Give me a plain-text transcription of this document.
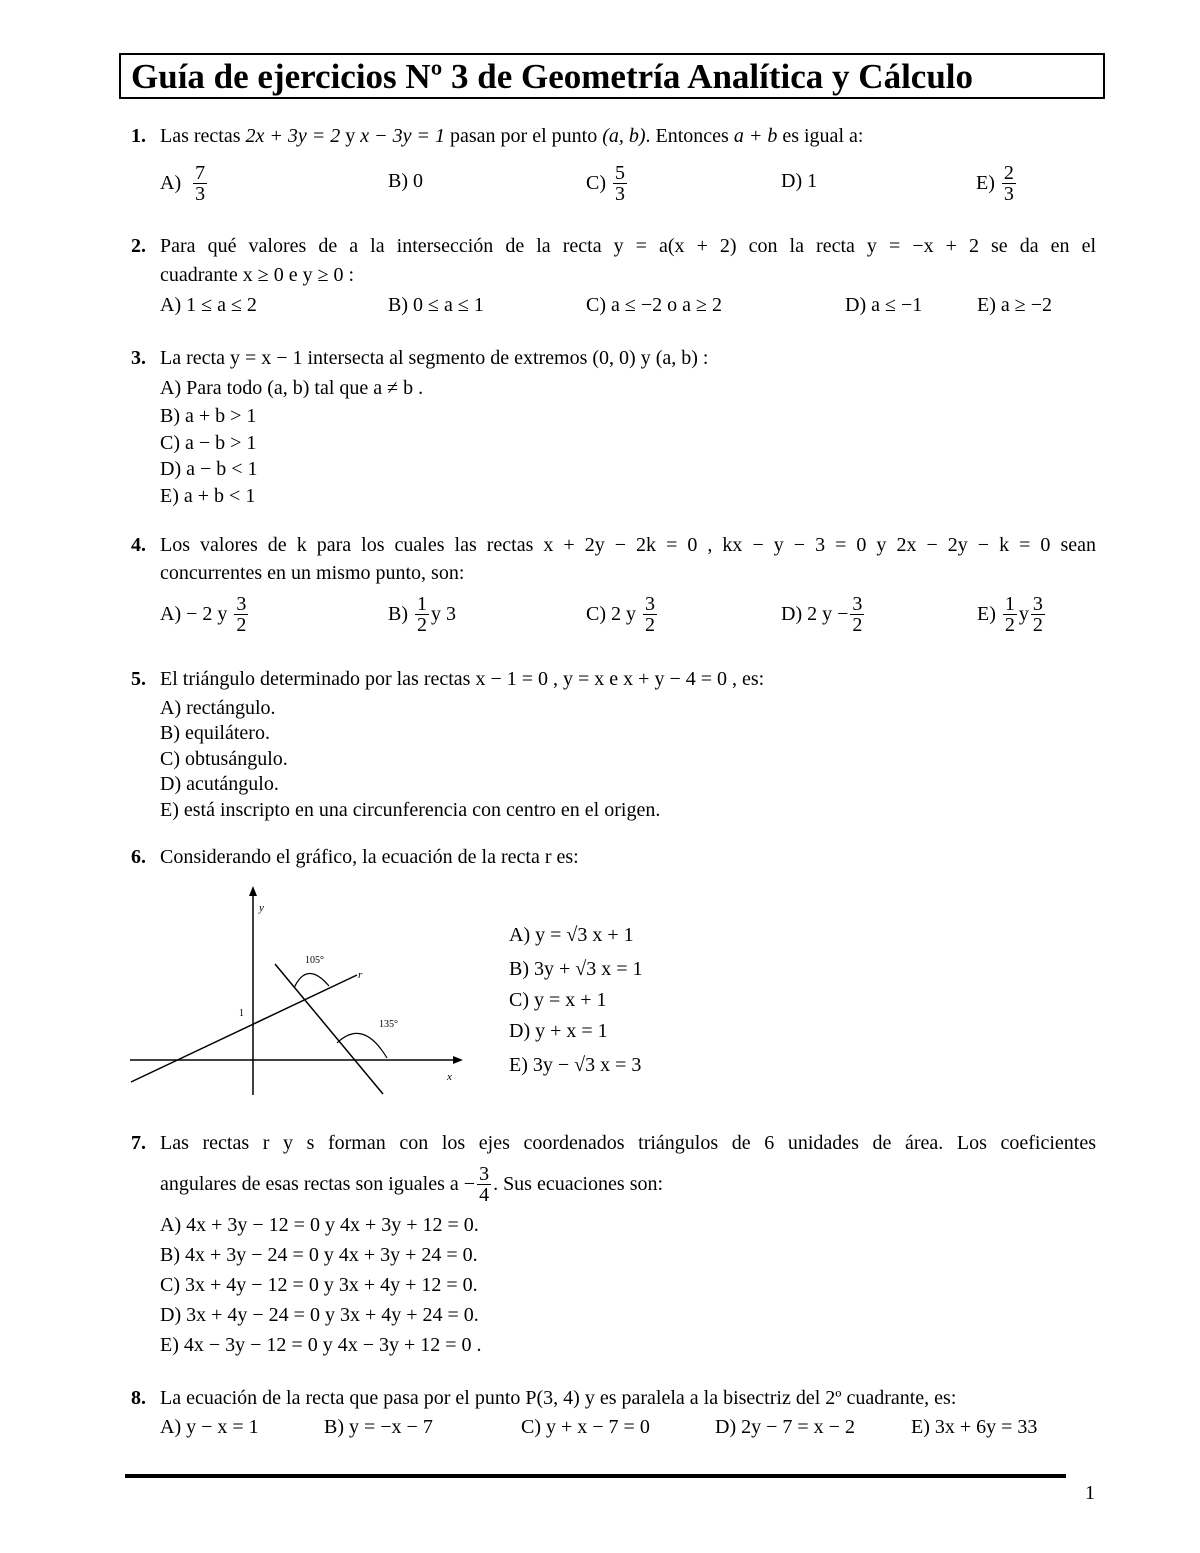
Guía de ejercicios Nº 3 de Geometría Analítica y Cálculo
1. Las rectas 2x + 3y = 2 y x − 3y = 1 pasan por el punto (a, b). Entonces a + b es igual a:
A)
$\frac{7}{3}$	B) 0	C)
$\frac{5}{3}$	D) 1	E)
$\frac{2}{3}$
2. Para qué valores de a la intersección de la recta y = a(x + 2) con la recta y = −x + 2 se da en el
cuadrante x ≥ 0 e y ≥ 0 :
A) 1 ≤ a ≤ 2	B) 0 ≤ a ≤ 1	C) a ≤ −2 o a ≥ 2	D) a ≤ −1	E) a ≥ −2
3. La recta y = x − 1 intersecta al segmento de extremos (0, 0) y (a, b) :
A) Para todo (a, b) tal que a ≠ b .
B) a + b > 1
C) a − b > 1
D) a − b < 1
E) a + b < 1
4. Los valores de k para los cuales las rectas x + 2y − 2k = 0 , kx − y − 3 = 0 y 2x − 2y − k = 0 sean
concurrentes en un mismo punto, son:
A) − 2 y
$\frac{3}{2}$	B)
$\frac{1}{2}$ y 3	C) 2 y
$\frac{3}{2}$	D) 2 $y - \frac{3}{2}$	E)
$\frac{1}{2}$ y $\frac{3}{2}$
5. El triángulo determinado por las rectas x − 1 = 0 , y = x e x + y − 4 = 0 , es:
A) rectángulo.
B) equilátero.
C) obtusángulo.
D) acutángulo.
E) está inscripto en una circunferencia con centro en el origen.
6. Considerando el gráfico, la ecuación de la recta r es:
y
x
r
1
105°
135°
A) y = √3 x + 1
B) 3y + √3 x = 1
C) y = x + 1
D) y + x = 1
E) 3y − √3 x = 3
7. Las rectas r y s forman con los ejes coordenados triángulos de 6 unidades de área. Los coeficientes
angulares de esas rectas son iguales $a - \frac{3}{4}$ . Sus ecuaciones son:
A) 4x + 3y − 12 = 0 y 4x + 3y + 12 = 0.
B) 4x + 3y − 24 = 0 y 4x + 3y + 24 = 0.
C) 3x + 4y − 12 = 0 y 3x + 4y + 12 = 0.
D) 3x + 4y − 24 = 0 y 3x + 4y + 24 = 0.
E) 4x − 3y − 12 = 0 y 4x − 3y + 12 = 0 .
8. La ecuación de la recta que pasa por el punto P(3, 4) y es paralela a la bisectriz del 2º cuadrante, es:
A) y − x = 1	B) y = −x − 7	C) y + x − 7 = 0	D) 2y − 7 = x − 2	E) 3x + 6y = 33
1
